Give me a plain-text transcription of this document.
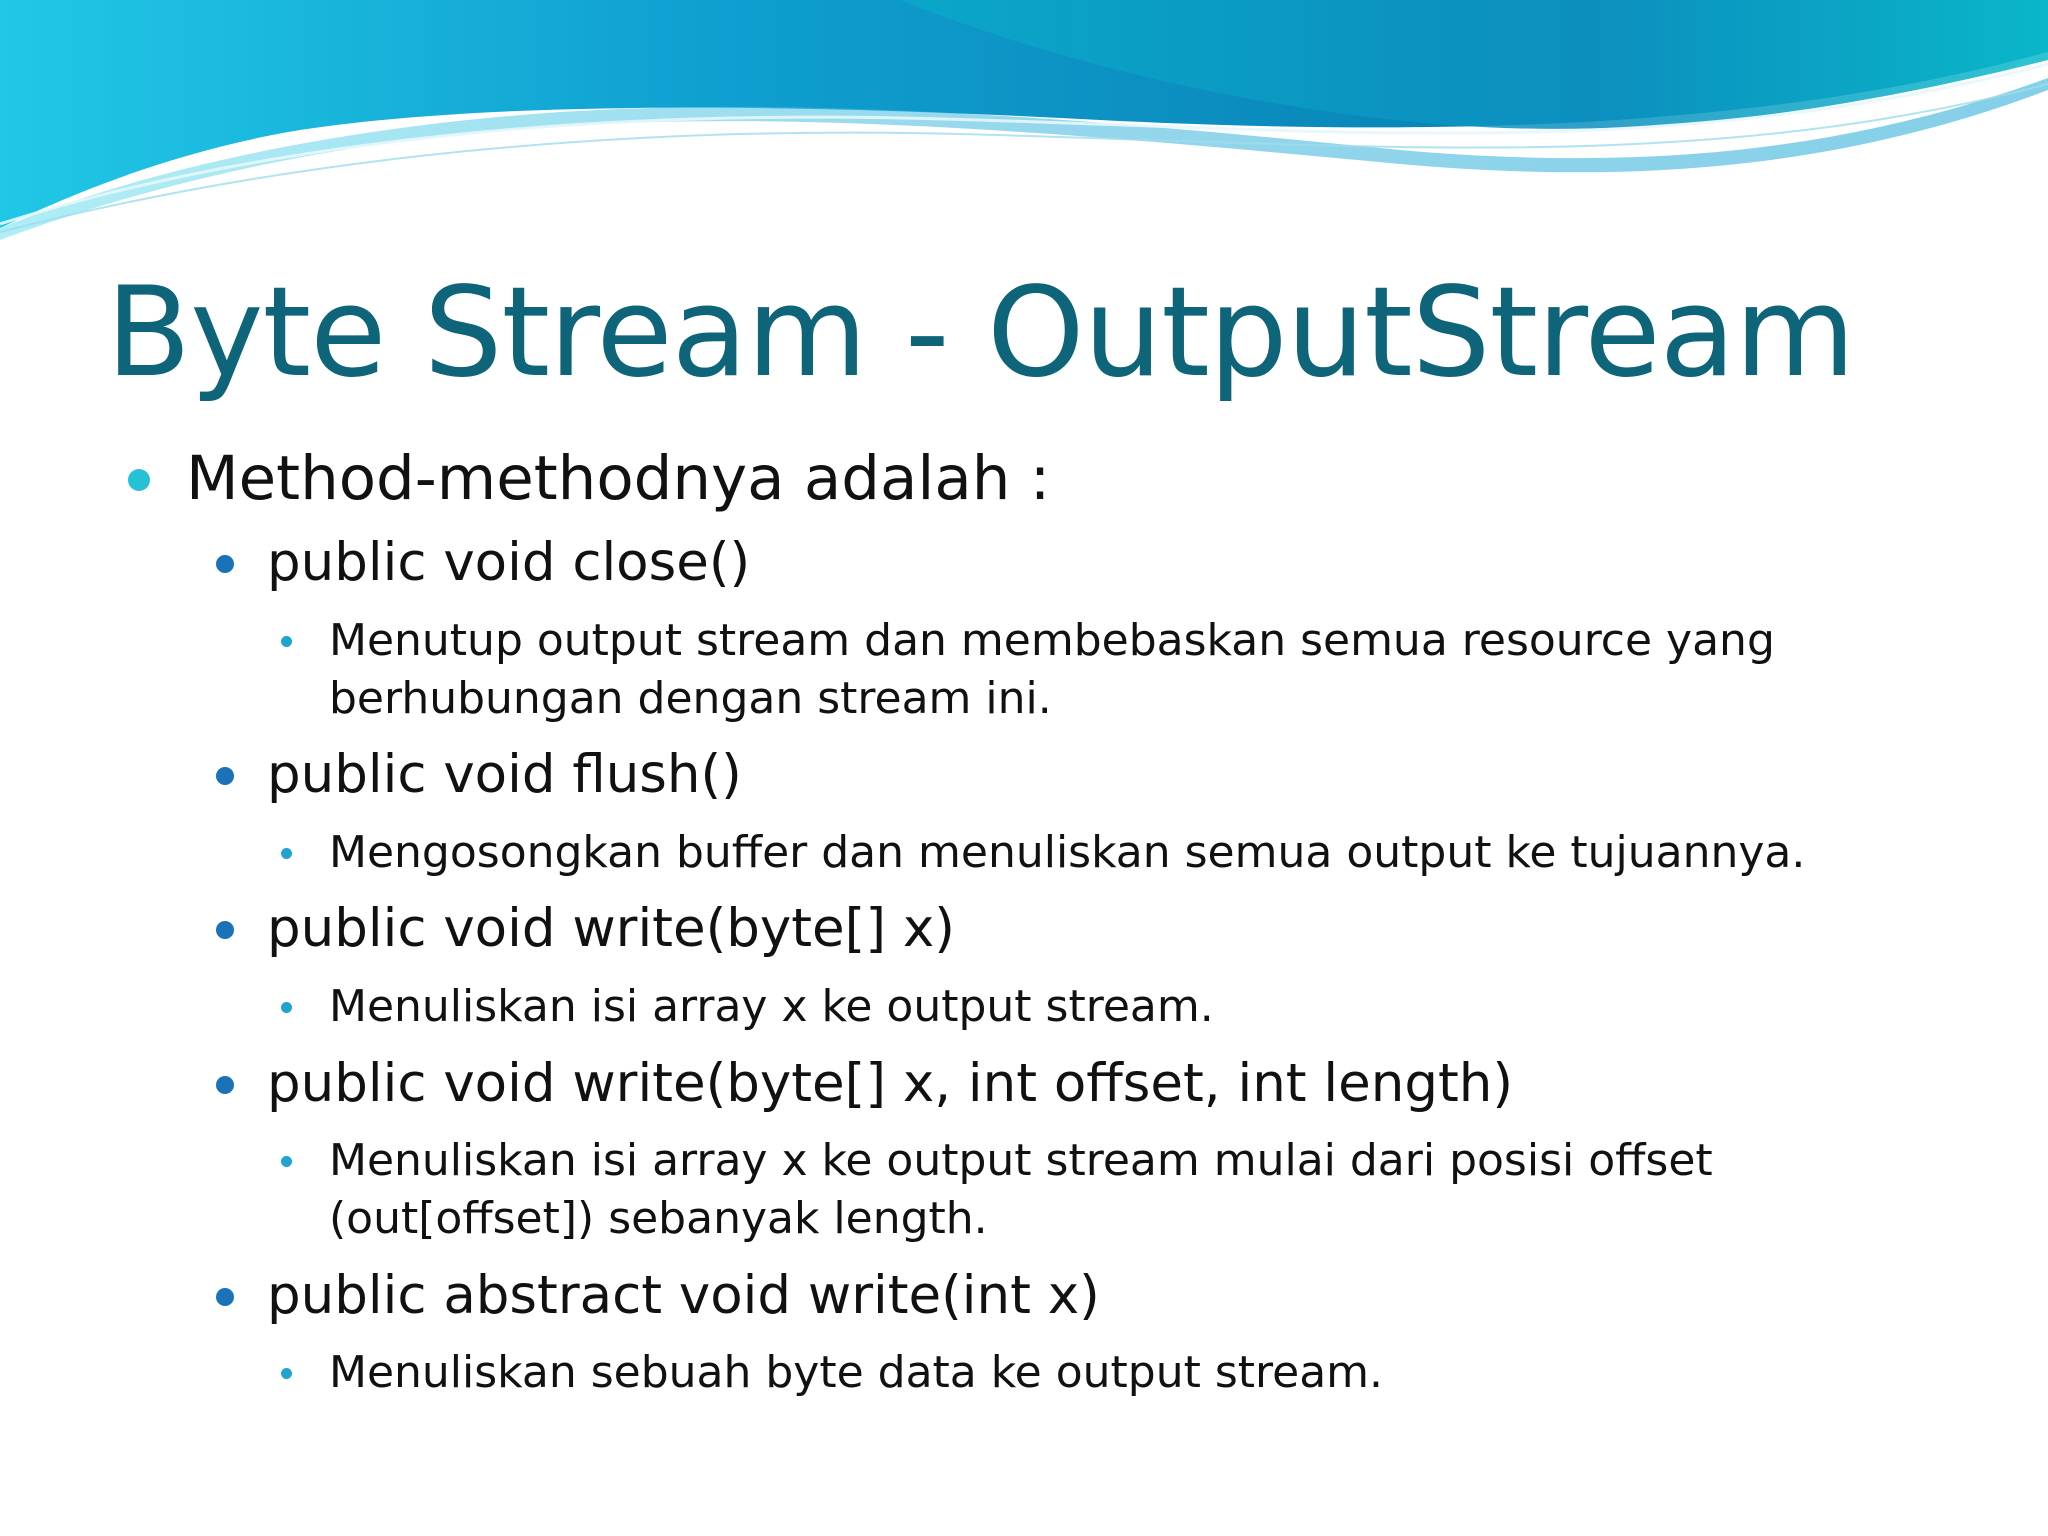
Byte Stream - OutputStream
Method-methodnya adalah :
public void close()
Menutup output stream dan membebaskan semua resource yang
berhubungan dengan stream ini.
public void flush()
Mengosongkan buffer dan menuliskan semua output ke tujuannya.
public void write(byte[] x)
Menuliskan isi array x ke output stream.
public void write(byte[] x, int offset, int length)
Menuliskan isi array x ke output stream mulai dari posisi offset
(out[offset]) sebanyak length.
public abstract void write(int x)
Menuliskan sebuah byte data ke output stream.
